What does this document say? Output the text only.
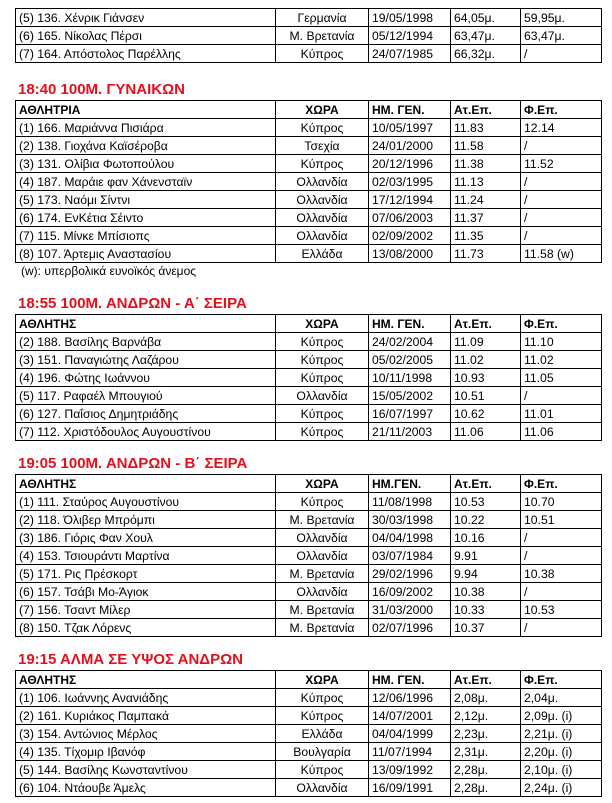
(5) 136. Χένρικ Γιάνσεν	Γερμανία	19/05/1998	64,05μ.	59,95μ.
(6) 165. Νίκολας Πέρσι	Μ. Βρετανία	05/12/1994	63,47μ.	63,47μ.
(7) 164. Απόστολος Παρέλλης	Κύπρος	24/07/1985	66,32μ.	/
18:40 100Μ. ΓΥΝΑΙΚΩΝ
ΑΘΛΗΤΡΙΑ	ΧΩΡΑ	ΗΜ. ΓΕΝ.	Ατ.Επ.	Φ.Επ.
(1) 166. Μαριάννα Πισιάρα	Κύπρος	10/05/1997	11.83	12.14
(2) 138. Γιοχάνα Καϊσέροβα	Τσεχία	24/01/2000	11.58	/
(3) 131. Ολίβια Φωτοπούλου	Κύπρος	20/12/1996	11.38	11.52
(4) 187. Μαράιε φαν Χάνενσταϊν	Ολλανδία	02/03/1995	11.13	/
(5) 173. Ναόμι Σίντνι	Ολλανδία	17/12/1994	11.24	/
(6) 174. ΕνΚέτια Σέιντο	Ολλανδία	07/06/2003	11.37	/
(7) 115. Μίνκε Μπίσιοπς	Ολλανδία	02/09/2002	11.35	/
(8) 107. Άρτεμις Αναστασίου	Ελλάδα	13/08/2000	11.73	11.58 (w)
(w): υπερβολικά ευνοϊκός άνεμος
18:55 100Μ. ΑΝΔΡΩΝ - Α΄ ΣΕΙΡΑ
ΑΘΛΗΤΗΣ	ΧΩΡΑ	ΗΜ. ΓΕΝ.	Ατ.Επ.	Φ.Επ.
(2) 188. Βασίλης Βαρνάβα	Κύπρος	24/02/2004	11.09	11.10
(3) 151. Παναγιώτης Λαζάρου	Κύπρος	05/02/2005	11.02	11.02
(4) 196. Φώτης Ιωάννου	Κύπρος	10/11/1998	10.93	11.05
(5) 117. Ραφαέλ Μπουγιού	Ολλανδία	15/05/2002	10.51	/
(6) 127. Παΐσιος Δημητριάδης	Κύπρος	16/07/1997	10.62	11.01
(7) 112. Χριστόδουλος Αυγουστίνου	Κύπρος	21/11/2003	11.06	11.06
19:05 100Μ. ΑΝΔΡΩΝ - Β΄ ΣΕΙΡΑ
ΑΘΛΗΤΗΣ	ΧΩΡΑ	ΗΜ.ΓΕΝ.	Ατ.Επ.	Φ.Επ.
(1) 111. Σταύρος Αυγουστίνου	Κύπρος	11/08/1998	10.53	10.70
(2) 118. Όλιβερ Μπρόμπι	Μ. Βρετανία	30/03/1998	10.22	10.51
(3) 186. Γιόρις Φαν Χουλ	Ολλανδία	04/04/1998	10.16	/
(4) 153. Τσιουράντι Μαρτίνα	Ολλανδία	03/07/1984	9.91	/
(5) 171. Ρις Πρέσκορτ	Μ. Βρετανία	29/02/1996	9.94	10.38
(6) 157. Τσάβι Μο-Άγιοκ	Ολλανδία	16/09/2002	10.38	/
(7) 156. Τσαντ Μίλερ	Μ. Βρετανία	31/03/2000	10.33	10.53
(8) 150. Τζακ Λόρενς	Μ. Βρετανία	02/07/1996	10.37	/
19:15 ΑΛΜΑ ΣΕ ΥΨΟΣ ΑΝΔΡΩΝ
ΑΘΛΗΤΗΣ	ΧΩΡΑ	ΗΜ. ΓΕΝ.	Ατ.Επ.	Φ.Επ.
(1) 106. Ιωάννης Ανανιάδης	Κύπρος	12/06/1996	2,08μ.	2,04μ.
(2) 161. Κυριάκος Παμπακά	Κύπρος	14/07/2001	2,12μ.	2,09μ. (i)
(3) 154. Αντώνιος Μέρλος	Ελλάδα	04/04/1999	2,23μ.	2,21μ. (i)
(4) 135. Τίχομιρ Ιβανόφ	Βουλγαρία	11/07/1994	2,31μ.	2,20μ. (i)
(5) 144. Βασίλης Κωνσταντίνου	Κύπρος	13/09/1992	2,28μ.	2,10μ. (i)
(6) 104. Ντάουβε Άμελς	Ολλανδία	16/09/1991	2,28μ.	2,24μ. (i)
